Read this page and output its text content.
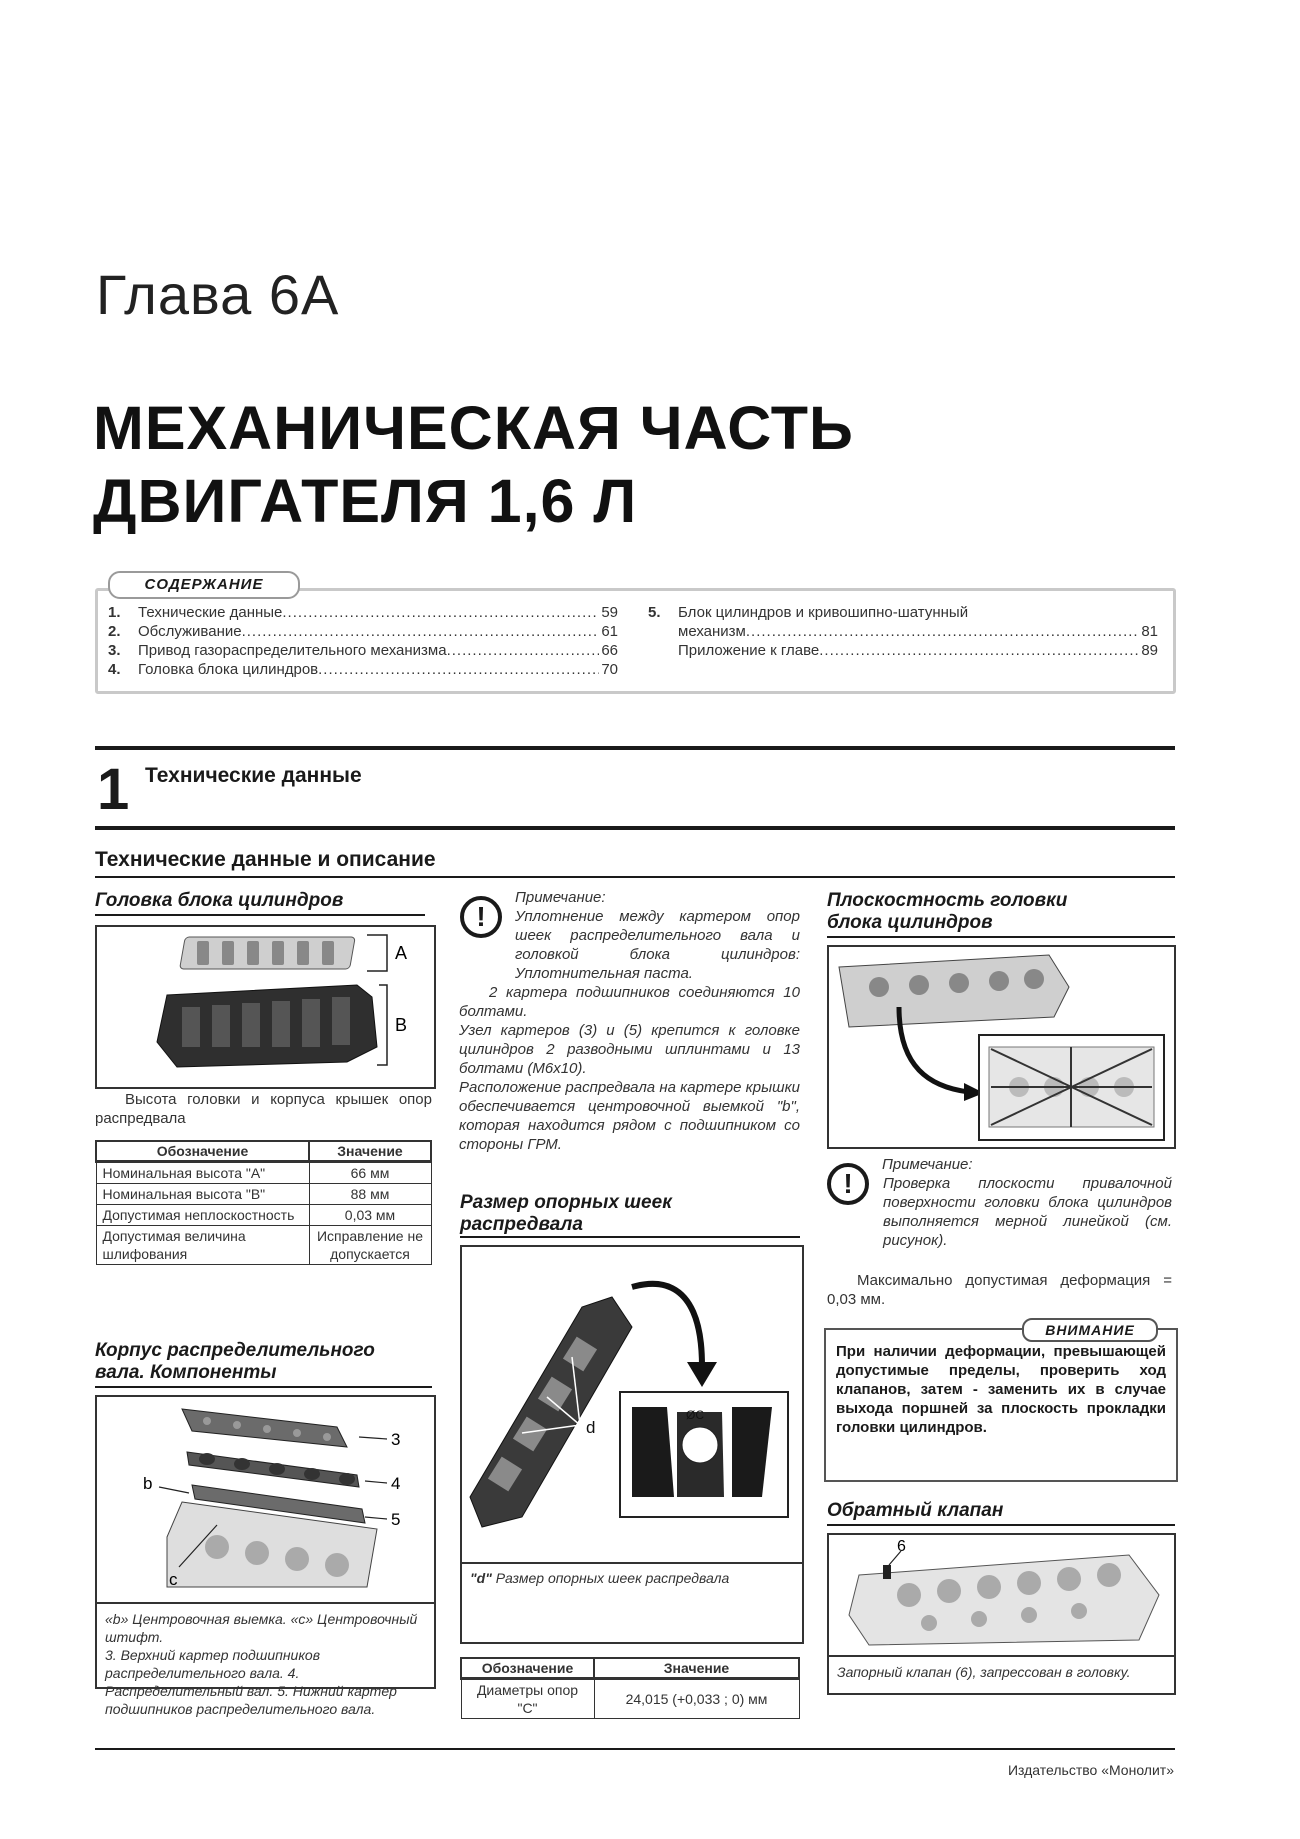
Глава 6А
МЕХАНИЧЕСКАЯ ЧАСТЬ
ДВИГАТЕЛЯ 1,6 Л
СОДЕРЖАНИЕ
1.	Технические данные .....	59
2.	Обслуживание .....	61
3.	Привод газораспределительного механизма .....	66
4.	Головка блока цилиндров .....	70
5.	Блок цилиндров и кривошипно-шатунный
механизм .....	81
Приложение к главе .....	89
1 Технические данные
Технические данные и описание
Головка блока цилиндров
A
B
Высота головки и корпуса крышек опор распредвала
Обозначение	Значение
Номинальная высота "А"	66 мм
Номинальная высота "В"	88 мм
Допустимая неплоскостность	0,03 мм
Допустимая величина шлифования	Исправление не допускается
Корпус распределительного
вала. Компоненты
3
b	4
5
c
«b» Центровочная выемка. «c» Центровочный штифт.
3. Верхний картер подшипников распределительного вала. 4. Распределительный вал. 5. Нижний картер подшипников распределительного вала.
!
Примечание:
Уплотнение между картером опор шеек распределительного вала и головкой блока цилиндров: Уплотнительная паста.
2 картера подшипников соединяются 10 болтами.
Узел картеров (3) и (5) крепится к головке цилиндров 2 разводными шплинтами и 13 болтами (М6х10).
Расположение распредвала на картере крышки обеспечивается центровочной выемкой "b", которая находится рядом с подшипником со стороны ГРМ.
Размер опорных шеек
распредвала
d
ØC
"d" Размер опорных шеек распредвала
Обозначение	Значение
Диаметры опор "С"	24,015 (+0,033 ; 0) мм
Плоскостность головки
блока цилиндров
!
Примечание:
Проверка плоскости привалочной поверхности головки блока цилиндров выполняется мерной линейкой (см. рисунок).
Максимально допустимая деформация = 0,03 мм.
ВНИМАНИЕ
При наличии деформации, превышающей допустимые пределы, проверить ход клапанов, затем - заменить их в случае выхода поршней за плоскость прокладки головки цилиндров.
Обратный клапан
6
Запорный клапан (6), запрессован в головку.
Издательство «Монолит»
